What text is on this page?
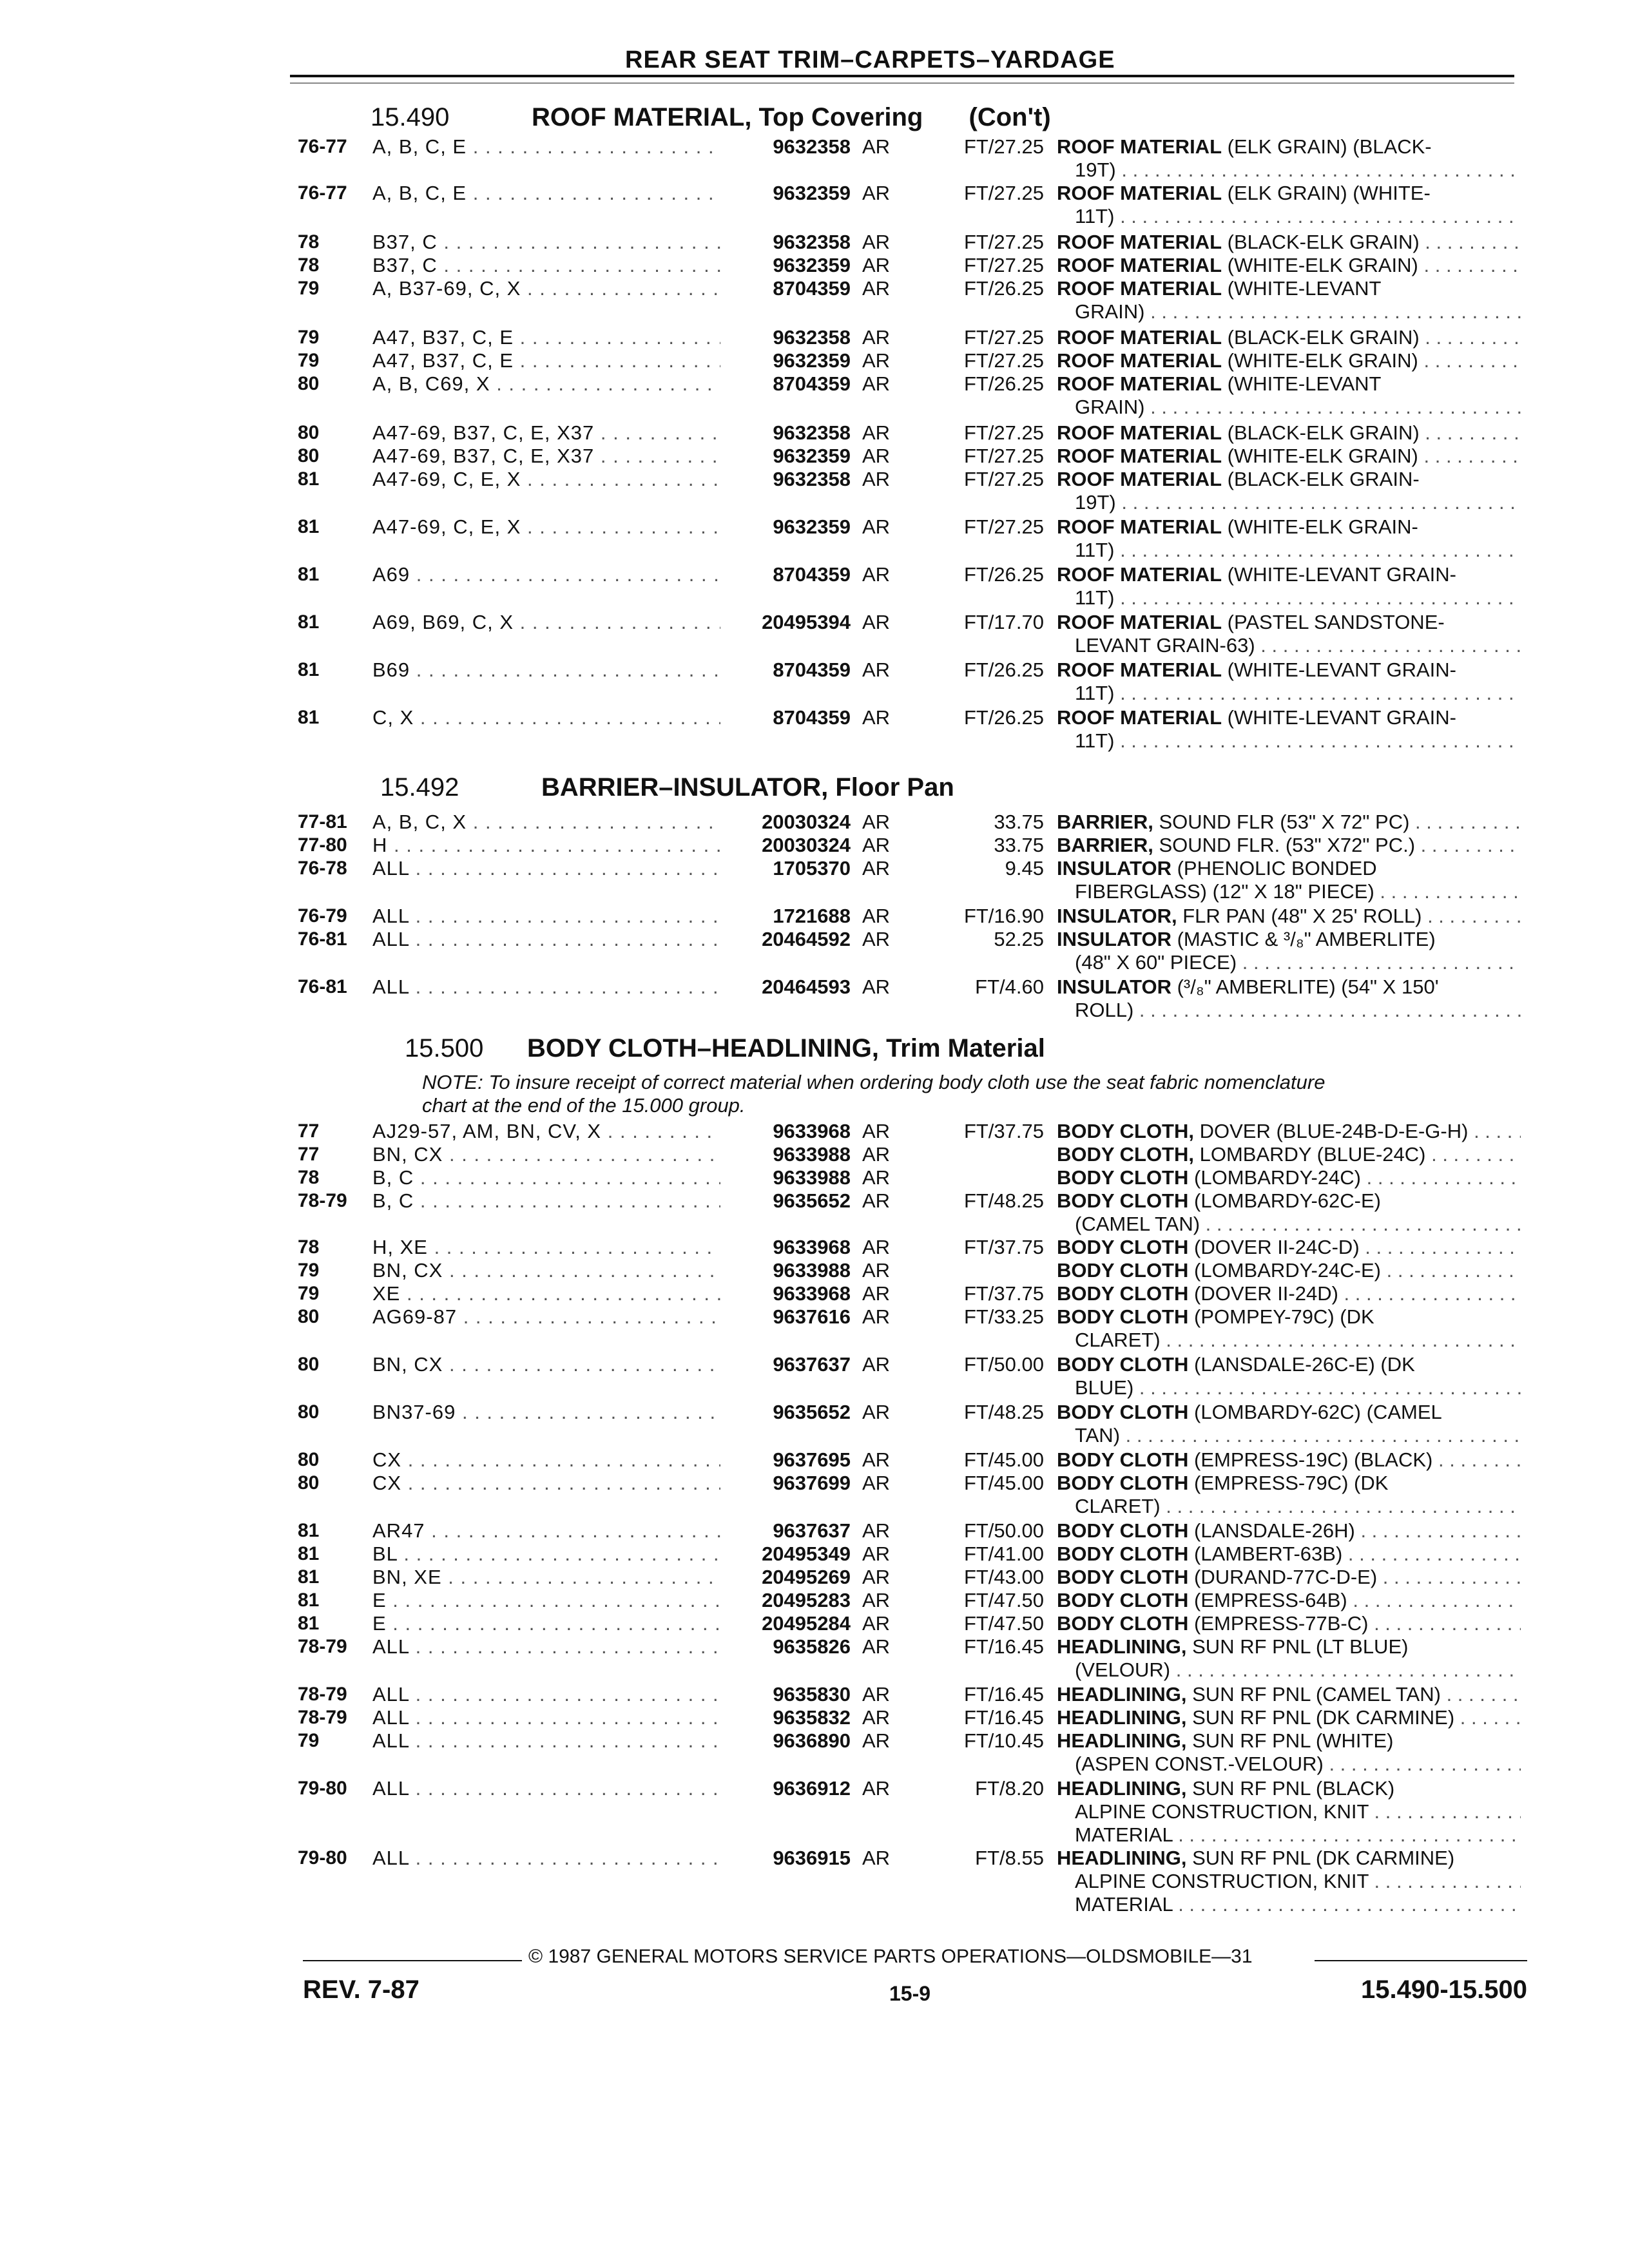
REAR SEAT TRIM–CARPETS–YARDAGE
15.490	ROOF MATERIAL, Top Covering (Con't)
76-77	A, B, C, E . . .	9632358 AR	FT/27.25 ROOF MATERIAL (ELK GRAIN) (BLACK-
19T) . . .
76-77	A, B, C, E . . .	9632359 AR	FT/27.25 ROOF MATERIAL (ELK GRAIN) (WHITE-
11T) . . .
78	B37, C . . .	9632358 AR	FT/27.25 ROOF MATERIAL (BLACK-ELK GRAIN) . . .
78	B37, C . . .	9632359 AR	FT/27.25 ROOF MATERIAL (WHITE-ELK GRAIN) . . .
79	A, B37-69, C, X . . .	8704359 AR	FT/26.25 ROOF MATERIAL (WHITE-LEVANT
GRAIN) . . .
79	A47, B37, C, E . . .	9632358 AR	FT/27.25 ROOF MATERIAL (BLACK-ELK GRAIN) . . .
79	A47, B37, C, E . . .	9632359 AR	FT/27.25 ROOF MATERIAL (WHITE-ELK GRAIN) . . .
80	A, B, C69, X . . .	8704359 AR	FT/26.25 ROOF MATERIAL (WHITE-LEVANT
GRAIN) . . .
80	A47-69, B37, C, E, X37 . . .	9632358 AR	FT/27.25 ROOF MATERIAL (BLACK-ELK GRAIN) . . .
80	A47-69, B37, C, E, X37 . . .	9632359 AR	FT/27.25 ROOF MATERIAL (WHITE-ELK GRAIN) . . .
81	A47-69, C, E, X . . .	9632358 AR	FT/27.25 ROOF MATERIAL (BLACK-ELK GRAIN-
19T) . . .
81	A47-69, C, E, X . . .	9632359 AR	FT/27.25 ROOF MATERIAL (WHITE-ELK GRAIN-
11T) . . .
81	A69 . . .	8704359 AR	FT/26.25 ROOF MATERIAL (WHITE-LEVANT GRAIN-
11T) . . .
81	A69, B69, C, X . . .	20495394 AR	FT/17.70 ROOF MATERIAL (PASTEL SANDSTONE-
LEVANT GRAIN-63) . . .
81	B69 . . .	8704359 AR	FT/26.25 ROOF MATERIAL (WHITE-LEVANT GRAIN-
11T) . . .
81	C, X . . .	8704359 AR	FT/26.25 ROOF MATERIAL (WHITE-LEVANT GRAIN-
11T) . . .
15.492	BARRIER–INSULATOR, Floor Pan
77-81	A, B, C, X . . .	20030324 AR	33.75 BARRIER, SOUND FLR (53" X 72" PC) . . .
77-80	H . . .	20030324 AR	33.75 BARRIER, SOUND FLR. (53" X72" PC.) . . .
76-78	ALL . . .	1705370 AR	9.45 INSULATOR (PHENOLIC BONDED
FIBERGLASS) (12" X 18" PIECE) . . .
76-79	ALL . . .	1721688 AR	FT/16.90 INSULATOR, FLR PAN (48" X 25' ROLL) . . .
76-81	ALL . . .	20464592 AR	52.25 INSULATOR (MASTIC & ³/₈" AMBERLITE)
(48" X 60" PIECE) . . .
76-81	ALL . . .	20464593 AR	FT/4.60 INSULATOR (³/₈" AMBERLITE) (54" X 150'
ROLL) . . .
15.500 BODY CLOTH–HEADLINING, Trim Material
NOTE: To insure receipt of correct material when ordering body cloth use the seat fabric nomenclature
chart at the end of the 15.000 group.
77	AJ29-57, AM, BN, CV, X . . .	9633968 AR	FT/37.75 BODY CLOTH, DOVER (BLUE-24B-D-E-G-H) . . .
77	BN, CX . . .	9633988 AR	BODY CLOTH, LOMBARDY (BLUE-24C) . . .
78	B, C . . .	9633988 AR	BODY CLOTH (LOMBARDY-24C) . . .
78-79	B, C . . .	9635652 AR	FT/48.25 BODY CLOTH (LOMBARDY-62C-E)
(CAMEL TAN) . . .
78	H, XE . . .	9633968 AR	FT/37.75 BODY CLOTH (DOVER II-24C-D) . . .
79	BN, CX . . .	9633988 AR	BODY CLOTH (LOMBARDY-24C-E) . . .
79	XE . . .	9633968 AR	FT/37.75 BODY CLOTH (DOVER II-24D) . . .
80	AG69-87 . . .	9637616 AR	FT/33.25 BODY CLOTH (POMPEY-79C) (DK
CLARET) . . .
80	BN, CX . . .	9637637 AR	FT/50.00 BODY CLOTH (LANSDALE-26C-E) (DK
BLUE) . . .
80	BN37-69 . . .	9635652 AR	FT/48.25 BODY CLOTH (LOMBARDY-62C) (CAMEL
TAN) . . .
80	CX . . .	9637695 AR	FT/45.00 BODY CLOTH (EMPRESS-19C) (BLACK) . . .
80	CX . . .	9637699 AR	FT/45.00 BODY CLOTH (EMPRESS-79C) (DK
CLARET) . . .
81	AR47 . . .	9637637 AR	FT/50.00 BODY CLOTH (LANSDALE-26H) . . .
81	BL . . .	20495349 AR	FT/41.00 BODY CLOTH (LAMBERT-63B) . . .
81	BN, XE . . .	20495269 AR	FT/43.00 BODY CLOTH (DURAND-77C-D-E) . . .
81	E . . .	20495283 AR	FT/47.50 BODY CLOTH (EMPRESS-64B) . . .
81	E . . .	20495284 AR	FT/47.50 BODY CLOTH (EMPRESS-77B-C) . . .
78-79	ALL . . .	9635826 AR	FT/16.45 HEADLINING, SUN RF PNL (LT BLUE)
(VELOUR) . . .
78-79	ALL . . .	9635830 AR	FT/16.45 HEADLINING, SUN RF PNL (CAMEL TAN) . . .
78-79	ALL . . .	9635832 AR	FT/16.45 HEADLINING, SUN RF PNL (DK CARMINE) . . .
79	ALL . . .	9636890 AR	FT/10.45 HEADLINING, SUN RF PNL (WHITE)
(ASPEN CONST.-VELOUR) . . .
79-80	ALL . . .	9636912 AR	FT/8.20 HEADLINING, SUN RF PNL (BLACK)
ALPINE CONSTRUCTION, KNIT . . .
MATERIAL . . .
79-80	ALL . . .	9636915 AR	FT/8.55 HEADLINING, SUN RF PNL (DK CARMINE)
ALPINE CONSTRUCTION, KNIT . . .
MATERIAL . . .
© 1987 GENERAL MOTORS SERVICE PARTS OPERATIONS—OLDSMOBILE—31
REV. 7-87	15-9	15.490-15.500
